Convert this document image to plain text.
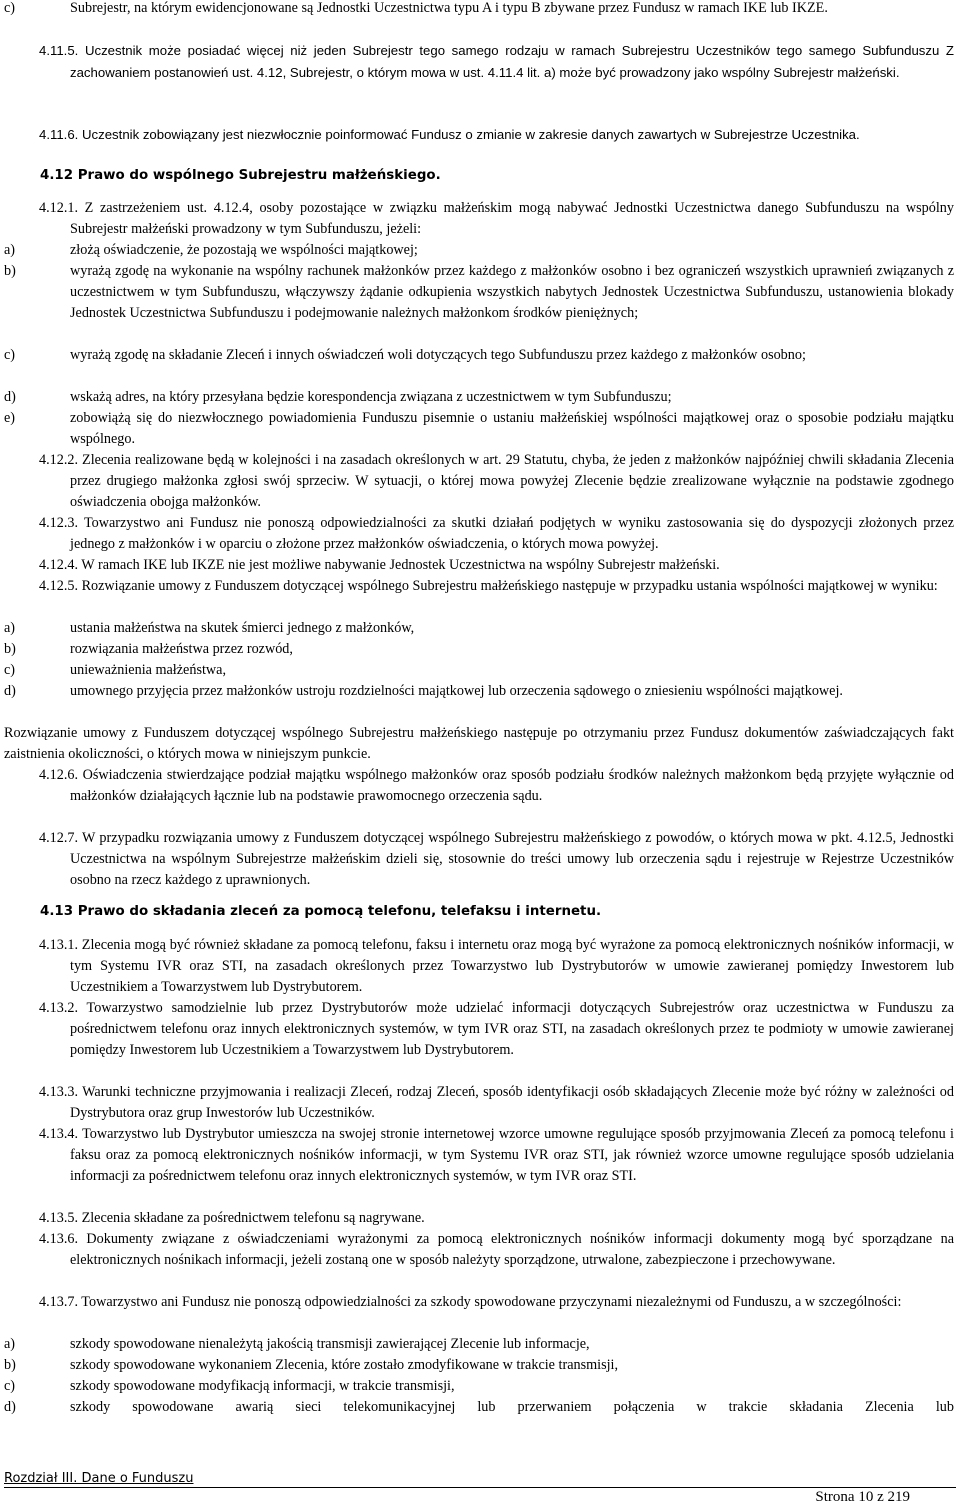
c)	Subrejestr, na którym ewidencjonowane są Jednostki Uczestnictwa typu A i typu B zbywane przez Fundusz w ramach IKE lub IKZE.
4.11.5. Uczestnik może posiadać więcej niż jeden Subrejestr tego samego rodzaju w ramach Subrejestru Uczestników tego samego Subfunduszu Z zachowaniem postanowień ust. 4.12, Subrejestr, o którym mowa w ust. 4.11.4 lit. a) może być prowadzony jako wspólny Subrejestr małżeński.
4.11.6. Uczestnik zobowiązany jest niezwłocznie poinformować Fundusz o zmianie w zakresie danych zawartych w Subrejestrze Uczestnika.
4.12 Prawo do wspólnego Subrejestru małżeńskiego.
4.12.1. Z zastrzeżeniem ust. 4.12.4, osoby pozostające w związku małżeńskim mogą nabywać Jednostki Uczestnictwa danego Subfunduszu na wspólny Subrejestr małżeński prowadzony w tym Subfunduszu, jeżeli:
a)	złożą oświadczenie, że pozostają we wspólności majątkowej;
b)	wyrażą zgodę na wykonanie na wspólny rachunek małżonków przez każdego z małżonków osobno i bez ograniczeń wszystkich uprawnień związanych z uczestnictwem w tym Subfunduszu, włączywszy żądanie odkupienia wszystkich nabytych Jednostek Uczestnictwa Subfunduszu, ustanowienia blokady Jednostek Uczestnictwa Subfunduszu i podejmowanie należnych małżonkom środków pieniężnych;
c)	wyrażą zgodę na składanie Zleceń i innych oświadczeń woli dotyczących tego Subfunduszu przez każdego z małżonków osobno;
d)	wskażą adres, na który przesyłana będzie korespondencja związana z uczestnictwem w tym Subfunduszu;
e)	zobowiążą się do niezwłocznego powiadomienia Funduszu pisemnie o ustaniu małżeńskiej wspólności majątkowej oraz o sposobie podziału majątku wspólnego.
4.12.2. Zlecenia realizowane będą w kolejności i na zasadach określonych w art. 29 Statutu, chyba, że jeden z małżonków najpóźniej chwili składania Zlecenia przez drugiego małżonka zgłosi swój sprzeciw. W sytuacji, o której mowa powyżej Zlecenie będzie zrealizowane wyłącznie na podstawie zgodnego oświadczenia obojga małżonków.
4.12.3. Towarzystwo ani Fundusz nie ponoszą odpowiedzialności za skutki działań podjętych w wyniku zastosowania się do dyspozycji złożonych przez jednego z małżonków i w oparciu o złożone przez małżonków oświadczenia, o których mowa powyżej.
4.12.4. W ramach IKE lub IKZE nie jest możliwe nabywanie Jednostek Uczestnictwa na wspólny Subrejestr małżeński.
4.12.5. Rozwiązanie umowy z Funduszem dotyczącej wspólnego Subrejestru małżeńskiego następuje w przypadku ustania wspólności majątkowej w wyniku:
a)	ustania małżeństwa na skutek śmierci jednego z małżonków,
b)	rozwiązania małżeństwa przez rozwód,
c)	unieważnienia małżeństwa,
d)	umownego przyjęcia przez małżonków ustroju rozdzielności majątkowej lub orzeczenia sądowego o zniesieniu wspólności majątkowej.
Rozwiązanie umowy z Funduszem dotyczącej wspólnego Subrejestru małżeńskiego następuje po otrzymaniu przez Fundusz dokumentów zaświadczających fakt zaistnienia okoliczności, o których mowa w niniejszym punkcie.
4.12.6. Oświadczenia stwierdzające podział majątku wspólnego małżonków oraz sposób podziału środków należnych małżonkom będą przyjęte wyłącznie od małżonków działających łącznie lub na podstawie prawomocnego orzeczenia sądu.
4.12.7. W przypadku rozwiązania umowy z Funduszem dotyczącej wspólnego Subrejestru małżeńskiego z powodów, o których mowa w pkt. 4.12.5, Jednostki Uczestnictwa na wspólnym Subrejestrze małżeńskim dzieli się, stosownie do treści umowy lub orzeczenia sądu i rejestruje w Rejestrze Uczestników osobno na rzecz każdego z uprawnionych.
4.13 Prawo do składania zleceń za pomocą telefonu, telefaksu i internetu.
4.13.1. Zlecenia mogą być również składane za pomocą telefonu, faksu i internetu oraz mogą być wyrażone za pomocą elektronicznych nośników informacji, w tym Systemu IVR oraz STI, na zasadach określonych przez Towarzystwo lub Dystrybutorów w umowie zawieranej pomiędzy Inwestorem lub Uczestnikiem a Towarzystwem lub Dystrybutorem.
4.13.2. Towarzystwo samodzielnie lub przez Dystrybutorów może udzielać informacji dotyczących Subrejestrów oraz uczestnictwa w Funduszu za pośrednictwem telefonu oraz innych elektronicznych systemów, w tym IVR oraz STI, na zasadach określonych przez te podmioty w umowie zawieranej pomiędzy Inwestorem lub Uczestnikiem a Towarzystwem lub Dystrybutorem.
4.13.3. Warunki techniczne przyjmowania i realizacji Zleceń, rodzaj Zleceń, sposób identyfikacji osób składających Zlecenie może być różny w zależności od Dystrybutora oraz grup Inwestorów lub Uczestników.
4.13.4. Towarzystwo lub Dystrybutor umieszcza na swojej stronie internetowej wzorce umowne regulujące sposób przyjmowania Zleceń za pomocą telefonu i faksu oraz za pomocą elektronicznych nośników informacji, w tym Systemu IVR oraz STI, jak również wzorce umowne regulujące sposób udzielania informacji za pośrednictwem telefonu oraz innych elektronicznych systemów, w tym IVR oraz STI.
4.13.5. Zlecenia składane za pośrednictwem telefonu są nagrywane.
4.13.6. Dokumenty związane z oświadczeniami wyrażonymi za pomocą elektronicznych nośników informacji dokumenty mogą być sporządzane na elektronicznych nośnikach informacji, jeżeli zostaną one w sposób należyty sporządzone, utrwalone, zabezpieczone i przechowywane.
4.13.7. Towarzystwo ani Fundusz nie ponoszą odpowiedzialności za szkody spowodowane przyczynami niezależnymi od Funduszu, a w szczególności:
a)	szkody spowodowane nienależytą jakością transmisji zawierającej Zlecenie lub informacje,
b)	szkody spowodowane wykonaniem Zlecenia, które zostało zmodyfikowane w trakcie transmisji,
c)	szkody spowodowane modyfikacją informacji, w trakcie transmisji,
d)	szkody spowodowane awarią sieci telekomunikacyjnej lub przerwaniem połączenia w trakcie składania Zlecenia lub
Rozdział III. Dane o Funduszu
Strona 10 z 219
